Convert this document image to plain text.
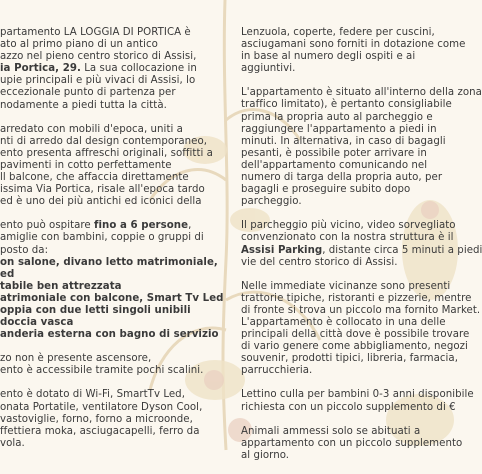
partamento LA LOGGIA DI PORTICA è
ato al primo piano di un antico
azzo nel pieno centro storico di Assisi,
ia Portica, 29. La sua collocazione in
upie principali e più vivaci di Assisi, lo
eccezionale punto di partenza per
nodamente a piedi tutta la città.

arredato con mobili d'epoca, uniti a
nti di arredo dal design contemporaneo,
ento presenta affreschi originali, soffitti a
pavimenti in cotto perfettamente
ll balcone, che affaccia direttamente
issima Via Portica, risale all'epoca tardo
ed è uno dei più antichi ed iconici della

ento può ospitare fino a 6 persone,
amiglie con bambini, coppie o gruppi di
posto da:
on salone, divano letto matrimoniale,
ed
tabile ben attrezzata
atrimoniale con balcone, Smart Tv Led
oppia con due letti singoli unibili
doccia vasca
anderia esterna con bagno di servizio

zo non è presente ascensore,
ento è accessibile tramite pochi scalini.

ento è dotato di Wi-Fi, SmartTv Led,
onata Portatile, ventilatore Dyson Cool,
vastoviglie, forno, forno a microonde,
ffettiera moka, asciugacapelli, ferro da
vola.

Lenzuola, coperte, federe per cuscini,
asciugamani sono forniti in dotazione come
in base al numero degli ospiti e ai
aggiuntivi.

L'appartamento è situato all'interno della zona
traffico limitato), è pertanto consigliabile
prima la propria auto al parcheggio e
raggiungere l'appartamento a piedi in
minuti. In alternativa, in caso di bagagli
pesanti, è possibile poter arrivare in
dell'appartamento comunicando nel
numero di targa della propria auto, per
bagagli e proseguire subito dopo
parcheggio.

Il parcheggio più vicino, video sorvegliato
convenzionato con la nostra struttura è il
Assisi Parking, distante circa 5 minuti a piedi
vie del centro storico di Assisi.

Nelle immediate vicinanze sono presenti
trattorie tipiche, ristoranti e pizzerie, mentre
di fronte si trova un piccolo ma fornito Market.
L'appartamento è collocato in una delle
principali della città dove è possibile trovare
di vario genere come abbigliamento, negozi
souvenir, prodotti tipici, libreria, farmacia,
parrucchieria.

Lettino culla per bambini 0-3 anni disponibile
richiesta con un piccolo supplemento di €

Animali ammessi solo se abituati a
appartamento con un piccolo supplemento
al giorno.
